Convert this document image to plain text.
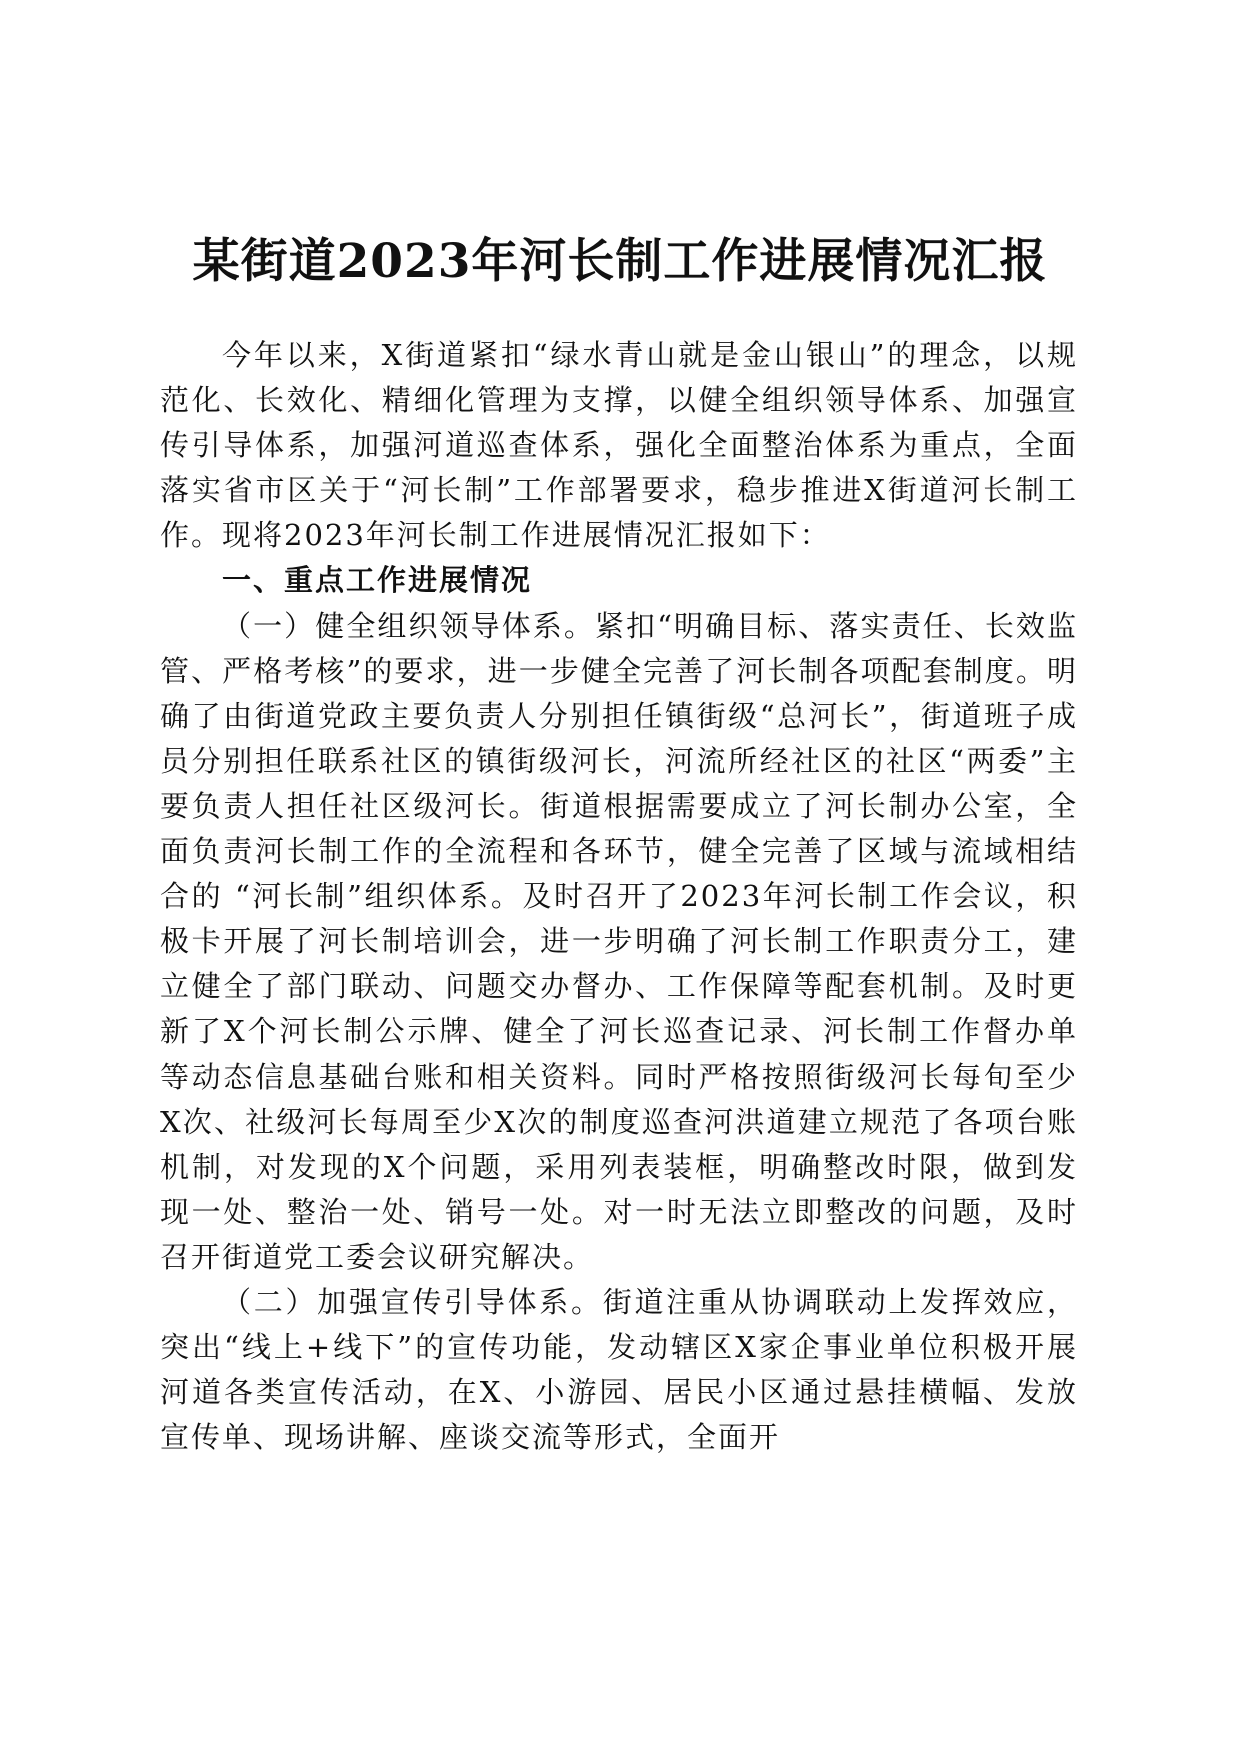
某街道2023年河长制工作进展情况汇报

今年以来，X街道紧扣“绿水青山就是金山银山”的理念，以规范化、长效化、精细化管理为支撑，以健全组织领导体系、加强宣传引导体系，加强河道巡查体系，强化全面整治体系为重点，全面落实省市区关于“河长制”工作部署要求，稳步推进X街道河长制工作。现将2023年河长制工作进展情况汇报如下：

一、重点工作进展情况

（一）健全组织领导体系。紧扣“明确目标、落实责任、长效监管、严格考核”的要求，进一步健全完善了河长制各项配套制度。明确了由街道党政主要负责人分别担任镇街级“总河长”，街道班子成员分别担任联系社区的镇街级河长，河流所经社区的社区“两委”主要负责人担任社区级河长。街道根据需要成立了河长制办公室，全面负责河长制工作的全流程和各环节，健全完善了区域与流域相结合的 “河长制”组织体系。及时召开了2023年河长制工作会议，积极卡开展了河长制培训会，进一步明确了河长制工作职责分工，建立健全了部门联动、问题交办督办、工作保障等配套机制。及时更新了X个河长制公示牌、健全了河长巡查记录、河长制工作督办单等动态信息基础台账和相关资料。同时严格按照街级河长每旬至少X次、社级河长每周至少X次的制度巡查河洪道建立规范了各项台账机制，对发现的X个问题，采用列表装框，明确整改时限，做到发现一处、整治一处、销号一处。对一时无法立即整改的问题，及时召开街道党工委会议研究解决。

（二）加强宣传引导体系。街道注重从协调联动上发挥效应，突出“线上+线下”的宣传功能，发动辖区X家企事业单位积极开展河道各类宣传活动，在X、小游园、居民小区通过悬挂横幅、发放宣传单、现场讲解、座谈交流等形式，全面开
